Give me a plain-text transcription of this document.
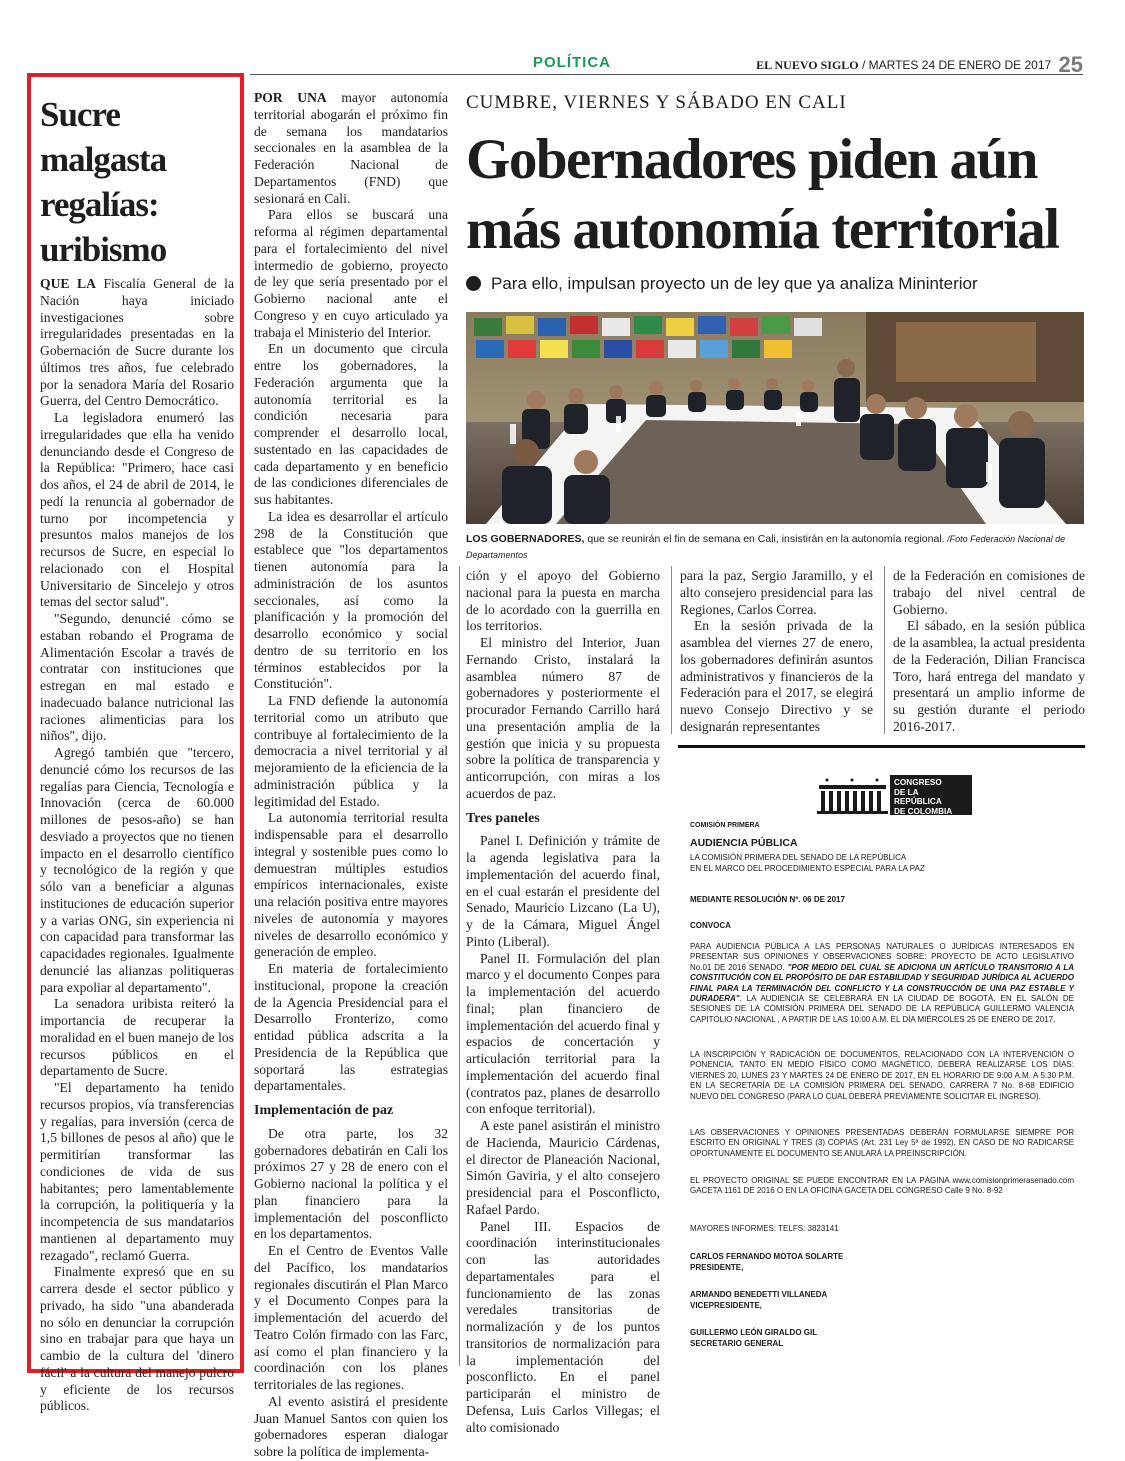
POLÍTICA	EL NUEVO SIGLO / MARTES 24 DE ENERO DE 2017 25
Sucre malgasta regalías: uribismo

QUE LA Fiscalía General de la Nación haya iniciado investigaciones sobre irregularidades presentadas en la Gobernación de Sucre durante los últimos tres años, fue celebrado por la senadora María del Rosario Guerra, del Centro Democrático.

La legisladora enumeró las irregularidades que ella ha venido denunciando desde el Congreso de la República: "Primero, hace casi dos años, el 24 de abril de 2014, le pedí la renuncia al gobernador de turno por incompetencia y presuntos malos manejos de los recursos de Sucre, en especial lo relacionado con el Hospital Universitario de Sincelejo y otros temas del sector salud".

"Segundo, denuncié cómo se estaban robando el Programa de Alimentación Escolar a través de contratar con instituciones que estregan en mal estado e inadecuado balance nutricional las raciones alimenticias para los niños", dijo.

Agregó también que "tercero, denuncié cómo los recursos de las regalías para Ciencia, Tecnología e Innovación (cerca de 60.000 millones de pesos-año) se han desviado a proyectos que no tienen impacto en el desarrollo científico y tecnológico de la región y que sólo van a beneficiar a algunas instituciones de educación superior y a varias ONG, sin experiencia ni con capacidad para transformar las capacidades regionales. Igualmente denuncié las alianzas politiqueras para expoliar al departamento".

La senadora uribista reiteró la importancia de recuperar la moralidad en el buen manejo de los recursos públicos en el departamento de Sucre.

"El departamento ha tenido recursos propios, vía transferencias y regalías, para inversión (cerca de 1,5 billones de pesos al año) que le permitirían transformar las condiciones de vida de sus habitantes; pero lamentablemente la corrupción, la politiquería y la incompetencia de sus mandatarios mantienen al departamento muy rezagado", reclamó Guerra.

Finalmente expresó que en su carrera desde el sector público y privado, ha sido "una abanderada no sólo en denunciar la corrupción sino en trabajar para que haya un cambio de la cultura del 'dinero fácil' a la cultura del manejo pulcro y eficiente de los recursos públicos.

CUMBRE, VIERNES Y SÁBADO EN CALI
Gobernadores piden aún más autonomía territorial
Para ello, impulsan proyecto un de ley que ya analiza Mininterior
LOS GOBERNADORES, que se reunirán el fin de semana en Cali, insistirán en la autonomía regional. /Foto Federación Nacional de Departamentos

POR UNA mayor autonomía territorial abogarán el próximo fin de semana los mandatarios seccionales en la asamblea de la Federación Nacional de Departamentos (FND) que sesionará en Cali.

Para ellos se buscará una reforma al régimen departamental para el fortalecimiento del nivel intermedio de gobierno, proyecto de ley que sería presentado por el Gobierno nacional ante el Congreso y en cuyo articulado ya trabaja el Ministerio del Interior.

En un documento que circula entre los gobernadores, la Federación argumenta que la autonomía territorial es la condición necesaria para comprender el desarrollo local, sustentado en las capacidades de cada departamento y en beneficio de las condiciones diferenciales de sus habitantes.

La idea es desarrollar el artículo 298 de la Constitución que establece que "los departamentos tienen autonomía para la administración de los asuntos seccionales, así como la planificación y la promoción del desarrollo económico y social dentro de su territorio en los términos establecidos por la Constitución".

La FND defiende la autonomía territorial como un atributo que contribuye al fortalecimiento de la democracia a nivel territorial y al mejoramiento de la eficiencia de la administración pública y la legitimidad del Estado.

La autonomía territorial resulta indispensable para el desarrollo integral y sostenible pues como lo demuestran múltiples estudios empíricos internacionales, existe una relación positiva entre mayores niveles de autonomía y mayores niveles de desarrollo económico y generación de empleo.

En materia de fortalecimiento institucional, propone la creación de la Agencia Presidencial para el Desarrollo Fronterizo, como entidad pública adscrita a la Presidencia de la República que soportará las estrategias departamentales.

Implementación de paz

De otra parte, los 32 gobernadores debatirán en Cali los próximos 27 y 28 de enero con el Gobierno nacional la política y el plan financiero para la implementación del posconflicto en los departamentos.

En el Centro de Eventos Valle del Pacífico, los mandatarios regionales discutirán el Plan Marco y el Documento Conpes para la implementación del acuerdo del Teatro Colón firmado con las Farc, así como el plan financiero y la coordinación con los planes territoriales de las regiones.

Al evento asistirá el presidente Juan Manuel Santos con quien los gobernadores esperan dialogar sobre la política de implementa-

ción y el apoyo del Gobierno nacional para la puesta en marcha de lo acordado con la guerrilla en los territorios.

El ministro del Interior, Juan Fernando Cristo, instalará la asamblea número 87 de gobernadores y posteriormente el procurador Fernando Carrillo hará una presentación amplia de la gestión que inicia y su propuesta sobre la política de transparencia y anticorrupción, con miras a los acuerdos de paz.

Tres paneles

Panel I. Definición y trámite de la agenda legislativa para la implementación del acuerdo final, en el cual estarán el presidente del Senado, Mauricio Lizcano (La U), y de la Cámara, Miguel Ángel Pinto (Liberal).

Panel II. Formulación del plan marco y el documento Conpes para la implementación del acuerdo final; plan financiero de implementación del acuerdo final y espacios de concertación y articulación territorial para la implementación del acuerdo final (contratos paz, planes de desarrollo con enfoque territorial).

A este panel asistirán el ministro de Hacienda, Mauricio Cárdenas, el director de Planeación Nacional, Simón Gaviria, y el alto consejero presidencial para el Posconflicto, Rafael Pardo.

Panel III. Espacios de coordinación interinstitucionales con las autoridades departamentales para el funcionamiento de las zonas veredales transitorias de normalización y de los puntos transitorios de normalización para la implementación del posconflicto. En el panel participarán el ministro de Defensa, Luis Carlos Villegas; el alto comisionado

para la paz, Sergio Jaramillo, y el alto consejero presidencial para las Regiones, Carlos Correa.

En la sesión privada de la asamblea del viernes 27 de enero, los gobernadores definirán asuntos administrativos y financieros de la Federación para el 2017, se elegirá nuevo Consejo Directivo y se designarán representantes

de la Federación en comisiones de trabajo del nivel central de Gobierno.

El sábado, en la sesión pública de la asamblea, la actual presidenta de la Federación, Dilian Francisca Toro, hará entrega del mandato y presentará un amplio informe de su gestión durante el periodo 2016-2017.

CONGRESO
DE LA REPÚBLICA
DE COLOMBIA
SENADO DE LA REPÚBLICA
COMISIÓN PRIMERA
AUDIENCIA PÚBLICA
LA COMISIÓN PRIMERA DEL SENADO DE LA REPÚBLICA
EN EL MARCO DEL PROCEDIMIENTO ESPECIAL PARA LA PAZ
MEDIANTE RESOLUCIÓN Nº. 06 DE 2017
CONVOCA
PARA AUDIENCIA PÚBLICA A LAS PERSONAS NATURALES O JURÍDICAS INTERESADOS EN PRESENTAR SUS OPINIONES Y OBSERVACIONES SOBRE: PROYECTO DE ACTO LEGISLATIVO No.01 DE 2016 SENADO. "POR MEDIO DEL CUAL SE ADICIONA UN ARTÍCULO TRANSITORIO A LA CONSTITUCIÓN CON EL PROPÓSITO DE DAR ESTABILIDAD Y SEGURIDAD JURÍDICA AL ACUERDO FINAL PARA LA TERMINACIÓN DEL CONFLICTO Y LA CONSTRUCCIÓN DE UNA PAZ ESTABLE Y DURADERA". LA AUDIENCIA SE CELEBRARÁ EN LA CIUDAD DE BOGOTÁ, EN EL SALÓN DE SESIONES DE LA COMISIÓN PRIMERA DEL SENADO DE LA REPÚBLICA GUILLERMO VALENCIA CAPITOLIO NACIONAL , A PARTIR DE LAS 10:00 A.M. EL DÍA MIÉRCOLES 25 DE ENERO DE 2017.
LA INSCRIPCIÓN Y RADICACIÓN DE DOCUMENTOS, RELACIONADO CON LA INTERVENCIÓN O PONENCIA, TANTO EN MEDIO FÍSICO COMO MAGNÉTICO, DEBERÁ REALIZARSE LOS DÍAS: VIERNES 20, LUNES 23 Y MARTES 24 DE ENERO DE 2017, EN EL HORARIO DE 9:00 A.M. A 5:30 P.M. EN LA SECRETARÍA DE LA COMISIÓN PRIMERA DEL SENADO, CARRERA 7 No. 8-68 EDIFICIO NUEVO DEL CONGRESO (PARA LO CUAL DEBERÁ PREVIAMENTE SOLICITAR EL INGRESO).
LAS OBSERVACIONES Y OPINIONES PRESENTADAS DEBERÁN FORMULARSE SIEMPRE POR ESCRITO EN ORIGINAL Y TRES (3) COPIAS (Art. 231 Ley 5ª de 1992), EN CASO DE NO RADICARSE OPORTUNAMENTE EL DOCUMENTO SE ANULARÁ LA PREINSCRIPCIÓN.
EL PROYECTO ORIGINAL SE PUEDE ENCONTRAR EN LA PÁGINA www.comisionprimerasenado.com GACETA 1161 DE 2016 O EN LA OFICINA GACETA DEL CONGRESO Calle 9 No. 8-92
MAYORES INFORMES: TELFS: 3823141
CARLOS FERNANDO MOTOA SOLARTE
PRESIDENTE,
ARMANDO BENEDETTI VILLANEDA
VICEPRESIDENTE,
GUILLERMO LEÓN GIRALDO GIL
SECRETARIO GENERAL
